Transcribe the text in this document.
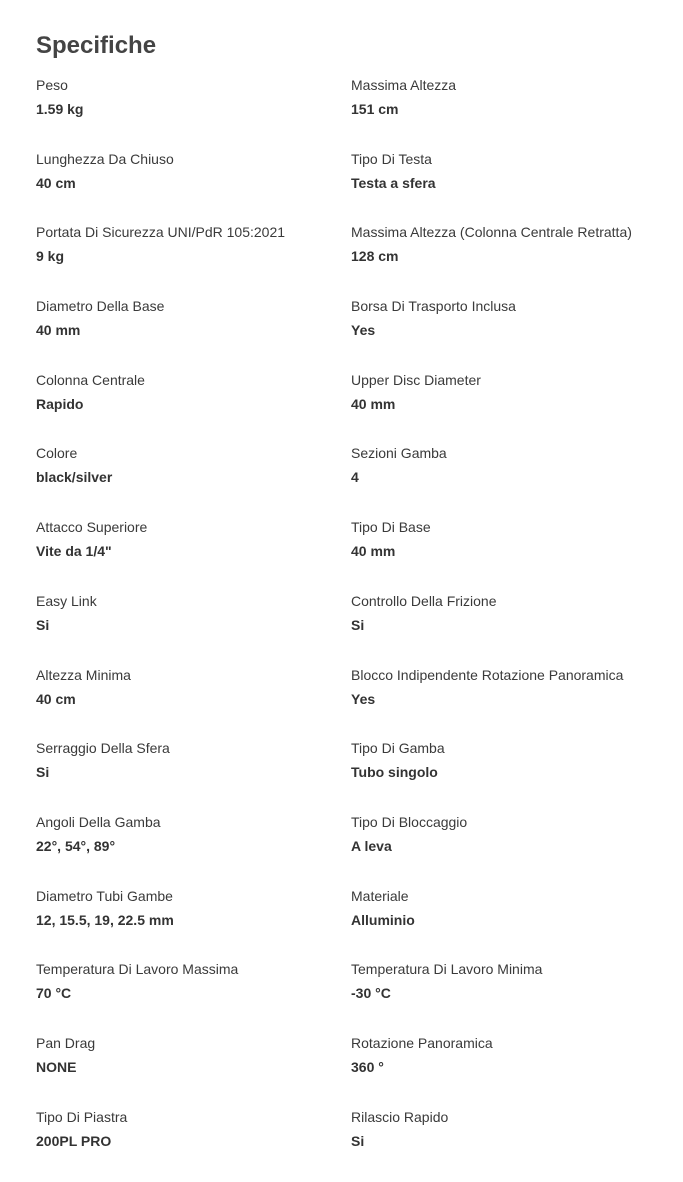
Specifiche
Peso
1.59 kg
Massima Altezza
151 cm
Lunghezza Da Chiuso
40 cm
Tipo Di Testa
Testa a sfera
Portata Di Sicurezza UNI/PdR 105:2021
9 kg
Massima Altezza (Colonna Centrale Retratta)
128 cm
Diametro Della Base
40 mm
Borsa Di Trasporto Inclusa
Yes
Colonna Centrale
Rapido
Upper Disc Diameter
40 mm
Colore
black/silver
Sezioni Gamba
4
Attacco Superiore
Vite da 1/4"
Tipo Di Base
40 mm
Easy Link
Si
Controllo Della Frizione
Si
Altezza Minima
40 cm
Blocco Indipendente Rotazione Panoramica
Yes
Serraggio Della Sfera
Si
Tipo Di Gamba
Tubo singolo
Angoli Della Gamba
22°, 54°, 89°
Tipo Di Bloccaggio
A leva
Diametro Tubi Gambe
12, 15.5, 19, 22.5 mm
Materiale
Alluminio
Temperatura Di Lavoro Massima
70 °C
Temperatura Di Lavoro Minima
-30 °C
Pan Drag
NONE
Rotazione Panoramica
360 °
Tipo Di Piastra
200PL PRO
Rilascio Rapido
Si
